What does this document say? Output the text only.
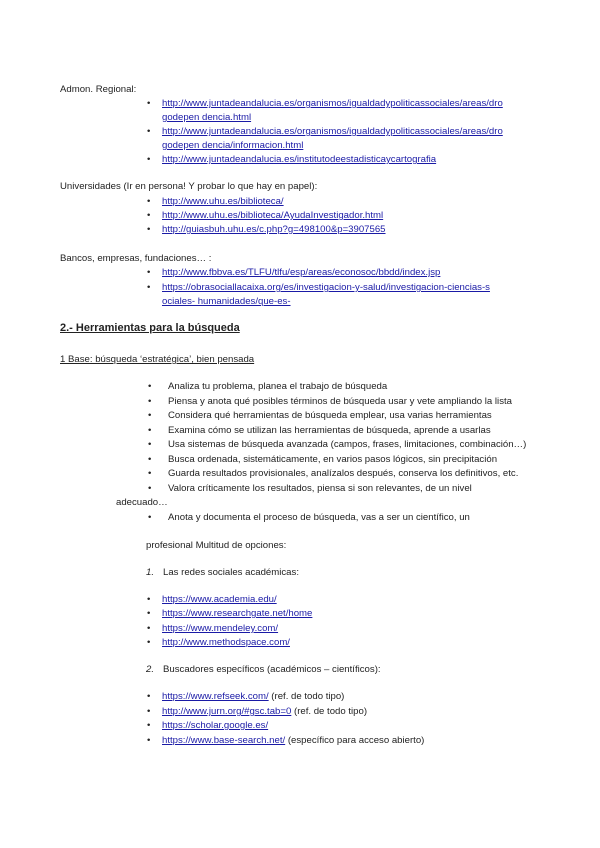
Admon. Regional:
• http://www.juntadeandalucia.es/organismos/igualdadypoliticassociales/areas/dro
godepen dencia.html
• http://www.juntadeandalucia.es/organismos/igualdadypoliticassociales/areas/dro
godepen dencia/informacion.html
• http://www.juntadeandalucia.es/institutodeestadisticaycartografia
Universidades (Ir en persona! Y probar lo que hay en papel):
• http://www.uhu.es/biblioteca/
• http://www.uhu.es/biblioteca/AyudaInvestigador.html
• http://guiasbuh.uhu.es/c.php?g=498100&p=3907565
Bancos, empresas, fundaciones… :
• http://www.fbbva.es/TLFU/tlfu/esp/areas/econosoc/bbdd/index.jsp
• https://obrasociallacaixa.org/es/investigacion-y-salud/investigacion-ciencias-s
ociales- humanidades/que-es-
2.- Herramientas para la búsqueda
1 Base: búsqueda ‘estratégica’, bien pensada
• Analiza tu problema, planea el trabajo de búsqueda
• Piensa y anota qué posibles términos de búsqueda usar y vete ampliando la lista
• Considera qué herramientas de búsqueda emplear, usa varias herramientas
• Examina cómo se utilizan las herramientas de búsqueda, aprende a usarlas
• Usa sistemas de búsqueda avanzada (campos, frases, limitaciones, combinación…)
• Busca ordenada, sistemáticamente, en varios pasos lógicos, sin precipitación
• Guarda resultados provisionales, analízalos después, conserva los definitivos, etc.
• Valora críticamente los resultados, piensa si son relevantes, de un nivel
adecuado…
• Anota y documenta el proceso de búsqueda, vas a ser un científico, un
profesional Multitud de opciones:
1. Las redes sociales académicas:
• https://www.academia.edu/
• https://www.researchgate.net/home
• https://www.mendeley.com/
• http://www.methodspace.com/
2. Buscadores específicos (académicos – científicos):
• https://www.refseek.com/ (ref. de todo tipo)
• http://www.jurn.org/#gsc.tab=0 (ref. de todo tipo)
• https://scholar.google.es/
• https://www.base-search.net/ (específico para acceso abierto)
